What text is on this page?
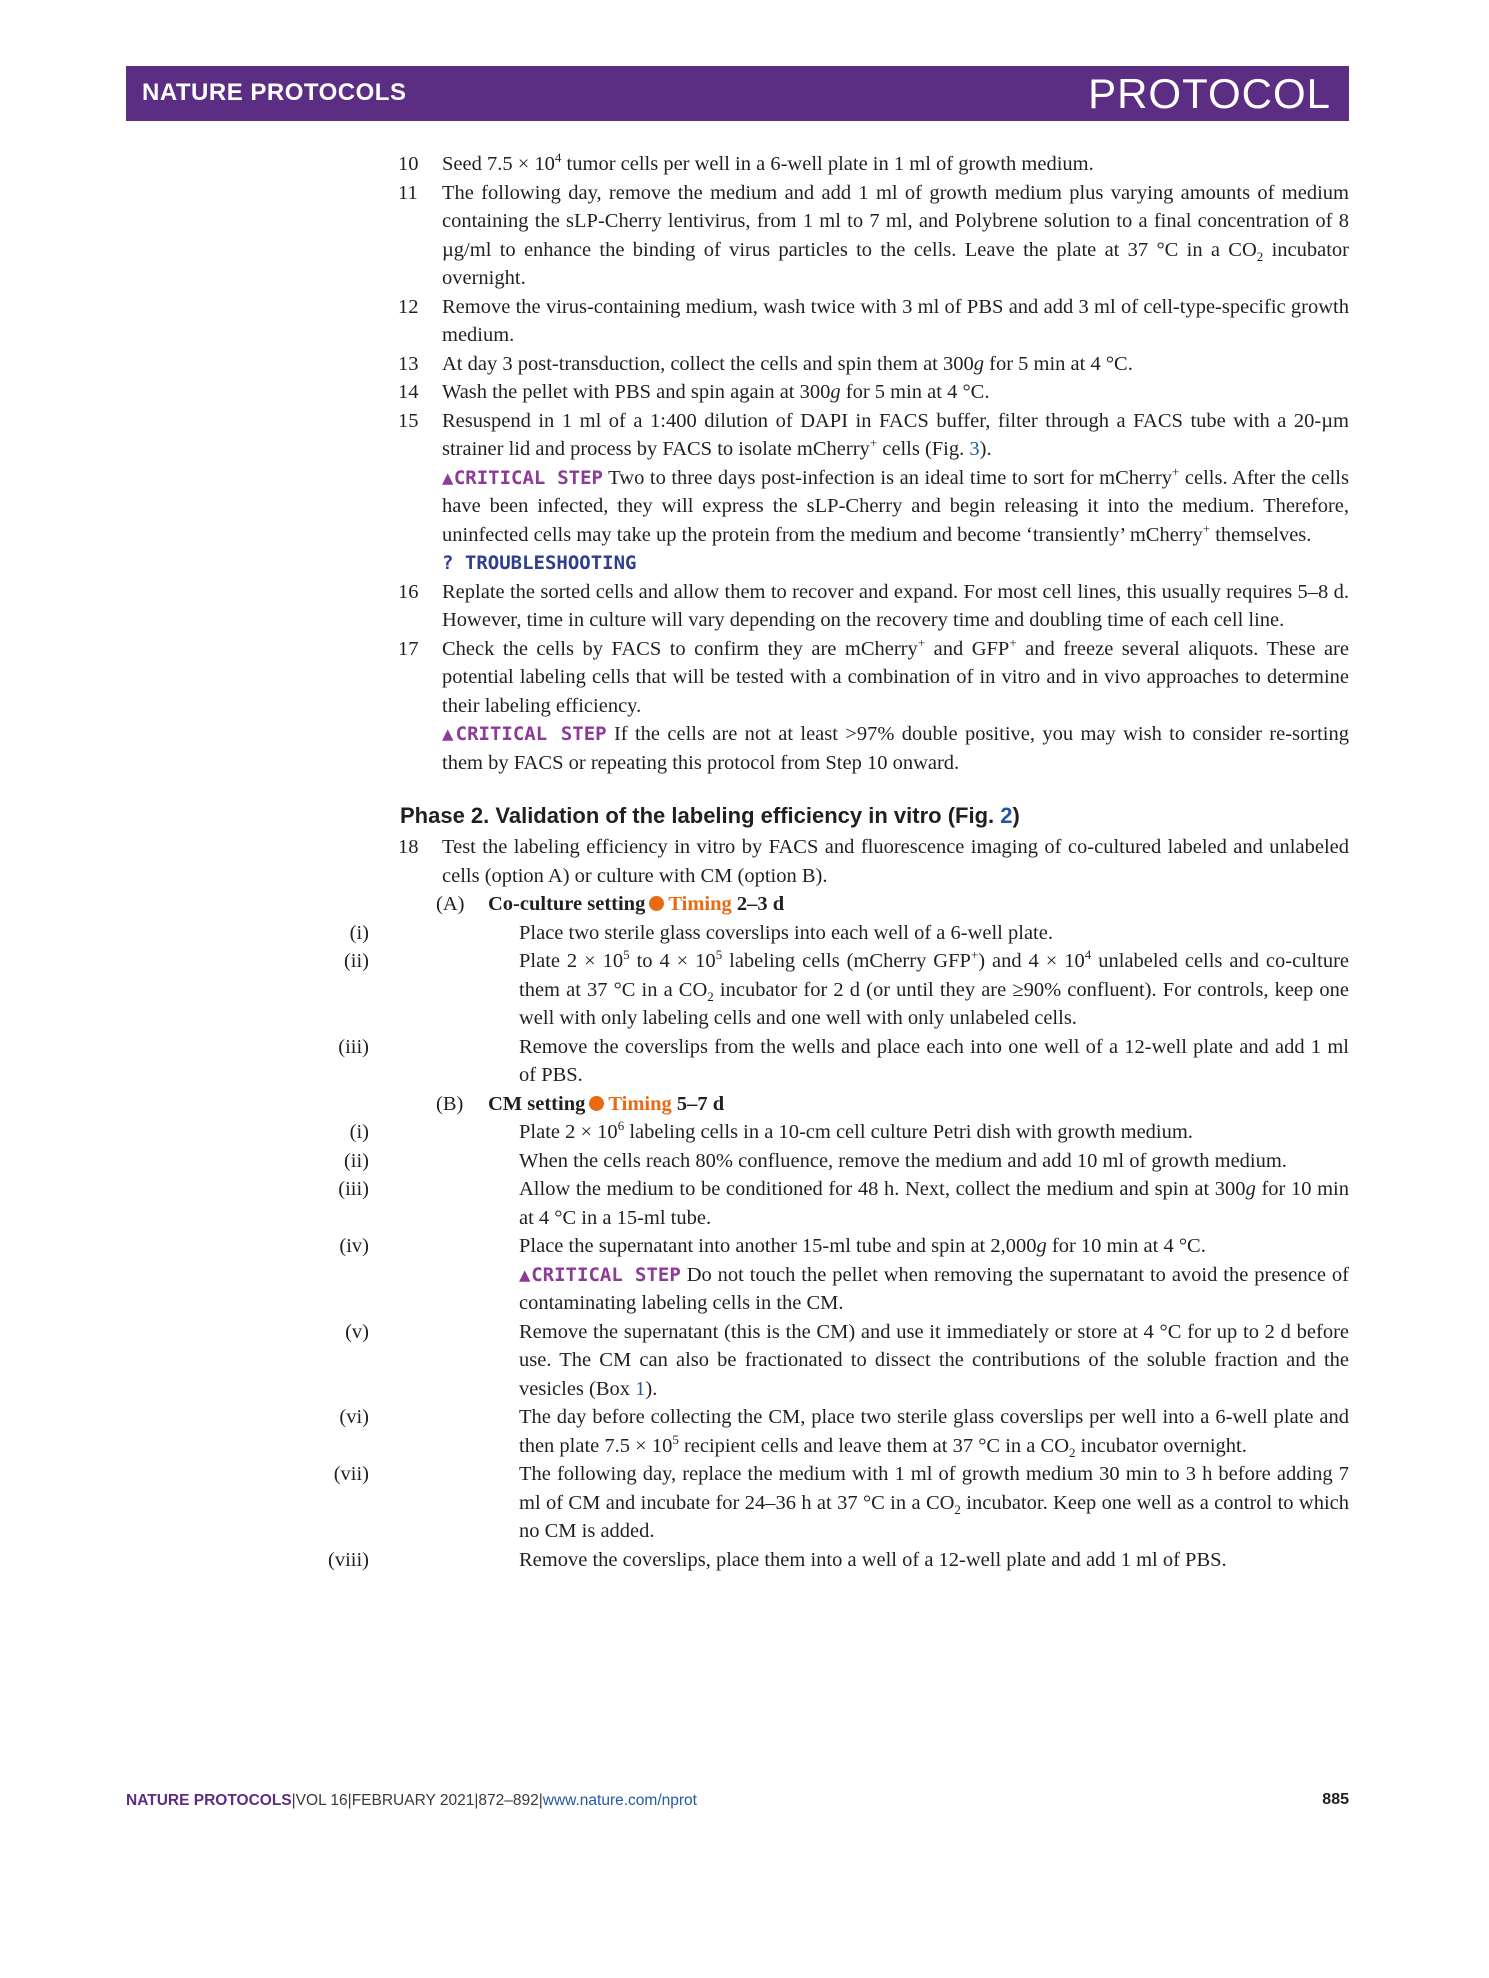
NATURE PROTOCOLS	PROTOCOL
10 Seed $7.5 \times 10^4$ tumor cells per well in a 6-well plate in 1 ml of growth medium.
11 The following day, remove the medium and add 1 ml of growth medium plus varying amounts of medium containing the sLP-Cherry lentivirus, from 1 ml to 7 ml, and Polybrene solution to a final concentration of 8 µg/ml to enhance the binding of virus particles to the cells. Leave the plate at 37 °C in a $CO_2$ incubator overnight.
12 Remove the virus-containing medium, wash twice with 3 ml of PBS and add 3 ml of cell-type-specific growth medium.
13 At day 3 post-transduction, collect the cells and spin them at 300g for 5 min at 4 °C.
14 Wash the pellet with PBS and spin again at 300g for 5 min at 4 °C.
15 Resuspend in 1 ml of a 1:400 dilution of DAPI in FACS buffer, filter through a FACS tube with a 20-µm strainer lid and process by FACS to isolate mCherry+ cells (Fig. 3).
▲CRITICAL STEP Two to three days post-infection is an ideal time to sort for mCherry+ cells. After the cells have been infected, they will express the sLP-Cherry and begin releasing it into the medium. Therefore, uninfected cells may take up the protein from the medium and become ‘transiently’ mCherry+ themselves.
? TROUBLESHOOTING
16 Replate the sorted cells and allow them to recover and expand. For most cell lines, this usually requires 5–8 d. However, time in culture will vary depending on the recovery time and doubling time of each cell line.
17 Check the cells by FACS to confirm they are mCherry+ and GFP+ and freeze several aliquots. These are potential labeling cells that will be tested with a combination of in vitro and in vivo approaches to determine their labeling efficiency.
▲CRITICAL STEP If the cells are not at least >97% double positive, you may wish to consider re-sorting them by FACS or repeating this protocol from Step 10 onward.
Phase 2. Validation of the labeling efficiency in vitro (Fig. 2)
18 Test the labeling efficiency in vitro by FACS and fluorescence imaging of co-cultured labeled and unlabeled cells (option A) or culture with CM (option B).
(A) Co-culture setting Timing 2–3 d
(i)	Place two sterile glass coverslips into each well of a 6-well plate.
(ii)	Plate $2 \times 10^5$ to $4 \times 10^5$ labeling cells (mCherry GFP+) and $4 \times 10^4$ unlabeled cells and co-culture them at 37 °C in a $CO_2$ incubator for 2 d (or until they are ≥90% confluent). For controls, keep one well with only labeling cells and one well with only unlabeled cells.
(iii)	Remove the coverslips from the wells and place each into one well of a 12-well plate and add 1 ml of PBS.
(B) CM setting Timing 5–7 d
(i)	Plate $2 \times 10^6$ labeling cells in a 10-cm cell culture Petri dish with growth medium.
(ii)	When the cells reach 80% confluence, remove the medium and add 10 ml of growth medium.
(iii)	Allow the medium to be conditioned for 48 h. Next, collect the medium and spin at 300g for 10 min at 4 °C in a 15-ml tube.
(iv)	Place the supernatant into another 15-ml tube and spin at 2,000g for 10 min at 4 °C.
▲CRITICAL STEP Do not touch the pellet when removing the supernatant to avoid the presence of contaminating labeling cells in the CM.
(v)	Remove the supernatant (this is the CM) and use it immediately or store at 4 °C for up to 2 d before use. The CM can also be fractionated to dissect the contributions of the soluble fraction and the vesicles (Box 1).
(vi)	The day before collecting the CM, place two sterile glass coverslips per well into a 6-well plate and then plate $7.5 \times 10^5$ recipient cells and leave them at 37 °C in a $CO_2$ incubator overnight.
(vii)	The following day, replace the medium with 1 ml of growth medium 30 min to 3 h before adding 7 ml of CM and incubate for 24–36 h at 37 °C in a $CO_2$ incubator. Keep one well as a control to which no CM is added.
(viii)	Remove the coverslips, place them into a well of a 12-well plate and add 1 ml of PBS.
NATURE PROTOCOLS|VOL 16|FEBRUARY 2021|872–892|www.nature.com/nprot	885
